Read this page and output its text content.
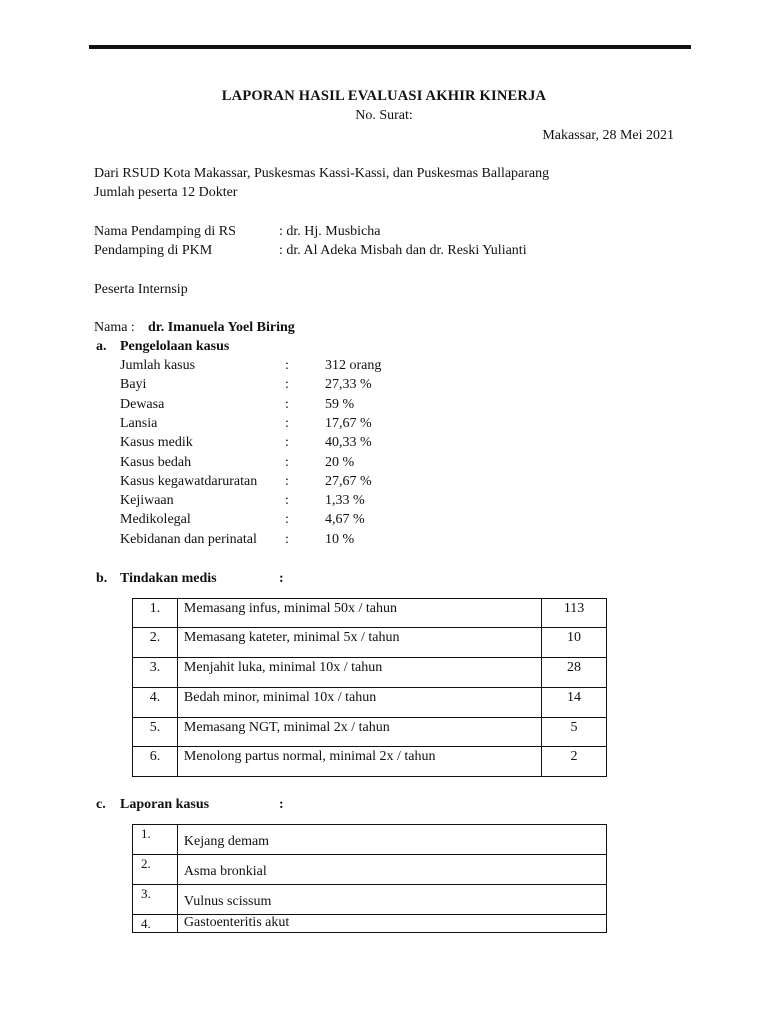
LAPORAN HASIL EVALUASI AKHIR KINERJA
No. Surat:
Makassar, 28 Mei 2021
Dari RSUD Kota Makassar, Puskesmas Kassi-Kassi, dan Puskesmas Ballaparang
Jumlah peserta 12 Dokter
Nama Pendamping di RS	: dr. Hj. Musbicha
Pendamping di PKM	: dr. Al Adeka Misbah dan dr. Reski Yulianti
Peserta Internsip
Nama : dr. Imanuela Yoel Biring
a. Pengelolaan kasus
Jumlah kasus	:	312 orang
Bayi	:	27,33 %
Dewasa	:	59 %
Lansia	:	17,67 %
Kasus medik	:	40,33 %
Kasus bedah	:	20 %
Kasus kegawatdaruratan :	27,67 %
Kejiwaan	:	1,33 %
Medikolegal	:	4,67 %
Kebidanan dan perinatal :	10 %
b. Tindakan medis	:
1.	Memasang infus, minimal 50x / tahun	113
2.	Memasang kateter, minimal 5x / tahun	10
3.	Menjahit luka, minimal 10x / tahun	28
4.	Bedah minor, minimal 10x / tahun	14
5.	Memasang NGT, minimal 2x / tahun	5
6.	Menolong partus normal, minimal 2x / tahun	2
c. Laporan kasus	:
1.	Kejang demam
2.	Asma bronkial
3.	Vulnus scissum
4.	Gastoenteritis akut
